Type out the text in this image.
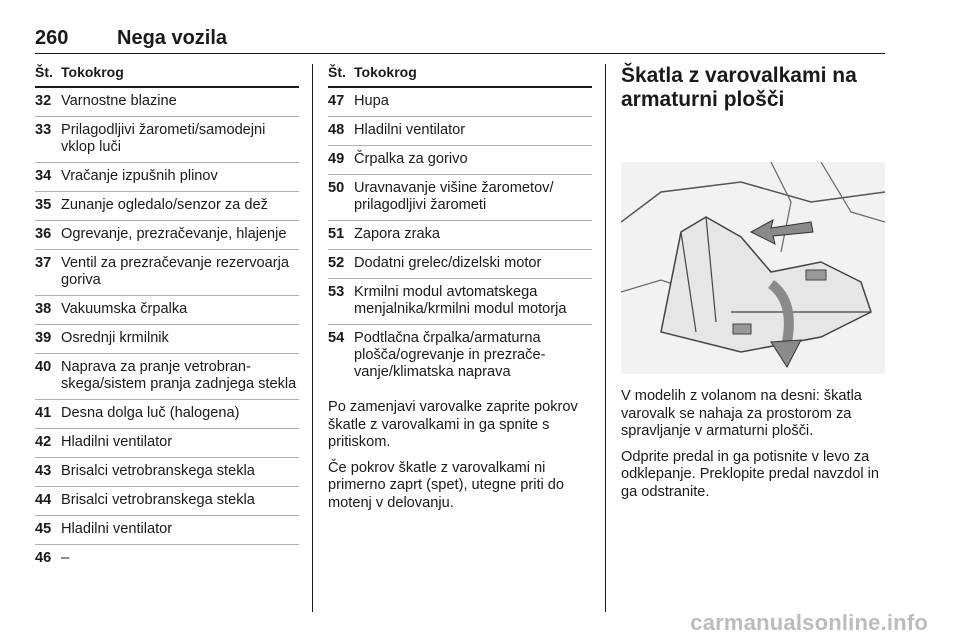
260 Nega vozila
Št. Tokokrog
32 Varnostne blazine
33 Prilagodljivi žarometi/samodejni vklop luči
34 Vračanje izpušnih plinov
35 Zunanje ogledalo/senzor za dež
36 Ogrevanje, prezračevanje, hlajenje
37 Ventil za prezračevanje rezervoarja goriva
38 Vakuumska črpalka
39 Osrednji krmilnik
40 Naprava za pranje vetrobranskega/sistem pranja zadnjega stekla
41 Desna dolga luč (halogena)
42 Hladilni ventilator
43 Brisalci vetrobranskega stekla
44 Brisalci vetrobranskega stekla
45 Hladilni ventilator
46 –
Št. Tokokrog
47 Hupa
48 Hladilni ventilator
49 Črpalka za gorivo
50 Uravnavanje višine žarometov/ prilagodljivi žarometi
51 Zapora zraka
52 Dodatni grelec/dizelski motor
53 Krmilni modul avtomatskega menjalnika/krmilni modul motorja
54 Podtlačna črpalka/armaturna plošča/ogrevanje in prezračevanje/klimatska naprava

Po zamenjavi varovalke zaprite pokrov škatle z varovalkami in ga spnite s pritiskom.

Če pokrov škatle z varovalkami ni primerno zaprt (spet), utegne priti do motenj v delovanju.

Škatla z varovalkami na armaturni plošči

V modelih z volanom na desni: škatla varovalk se nahaja za prostorom za spravljanje v armaturni plošči.

Odprite predal in ga potisnite v levo za odklepanje. Preklopite predal navzdol in ga odstranite.

carmanualsonline.info
